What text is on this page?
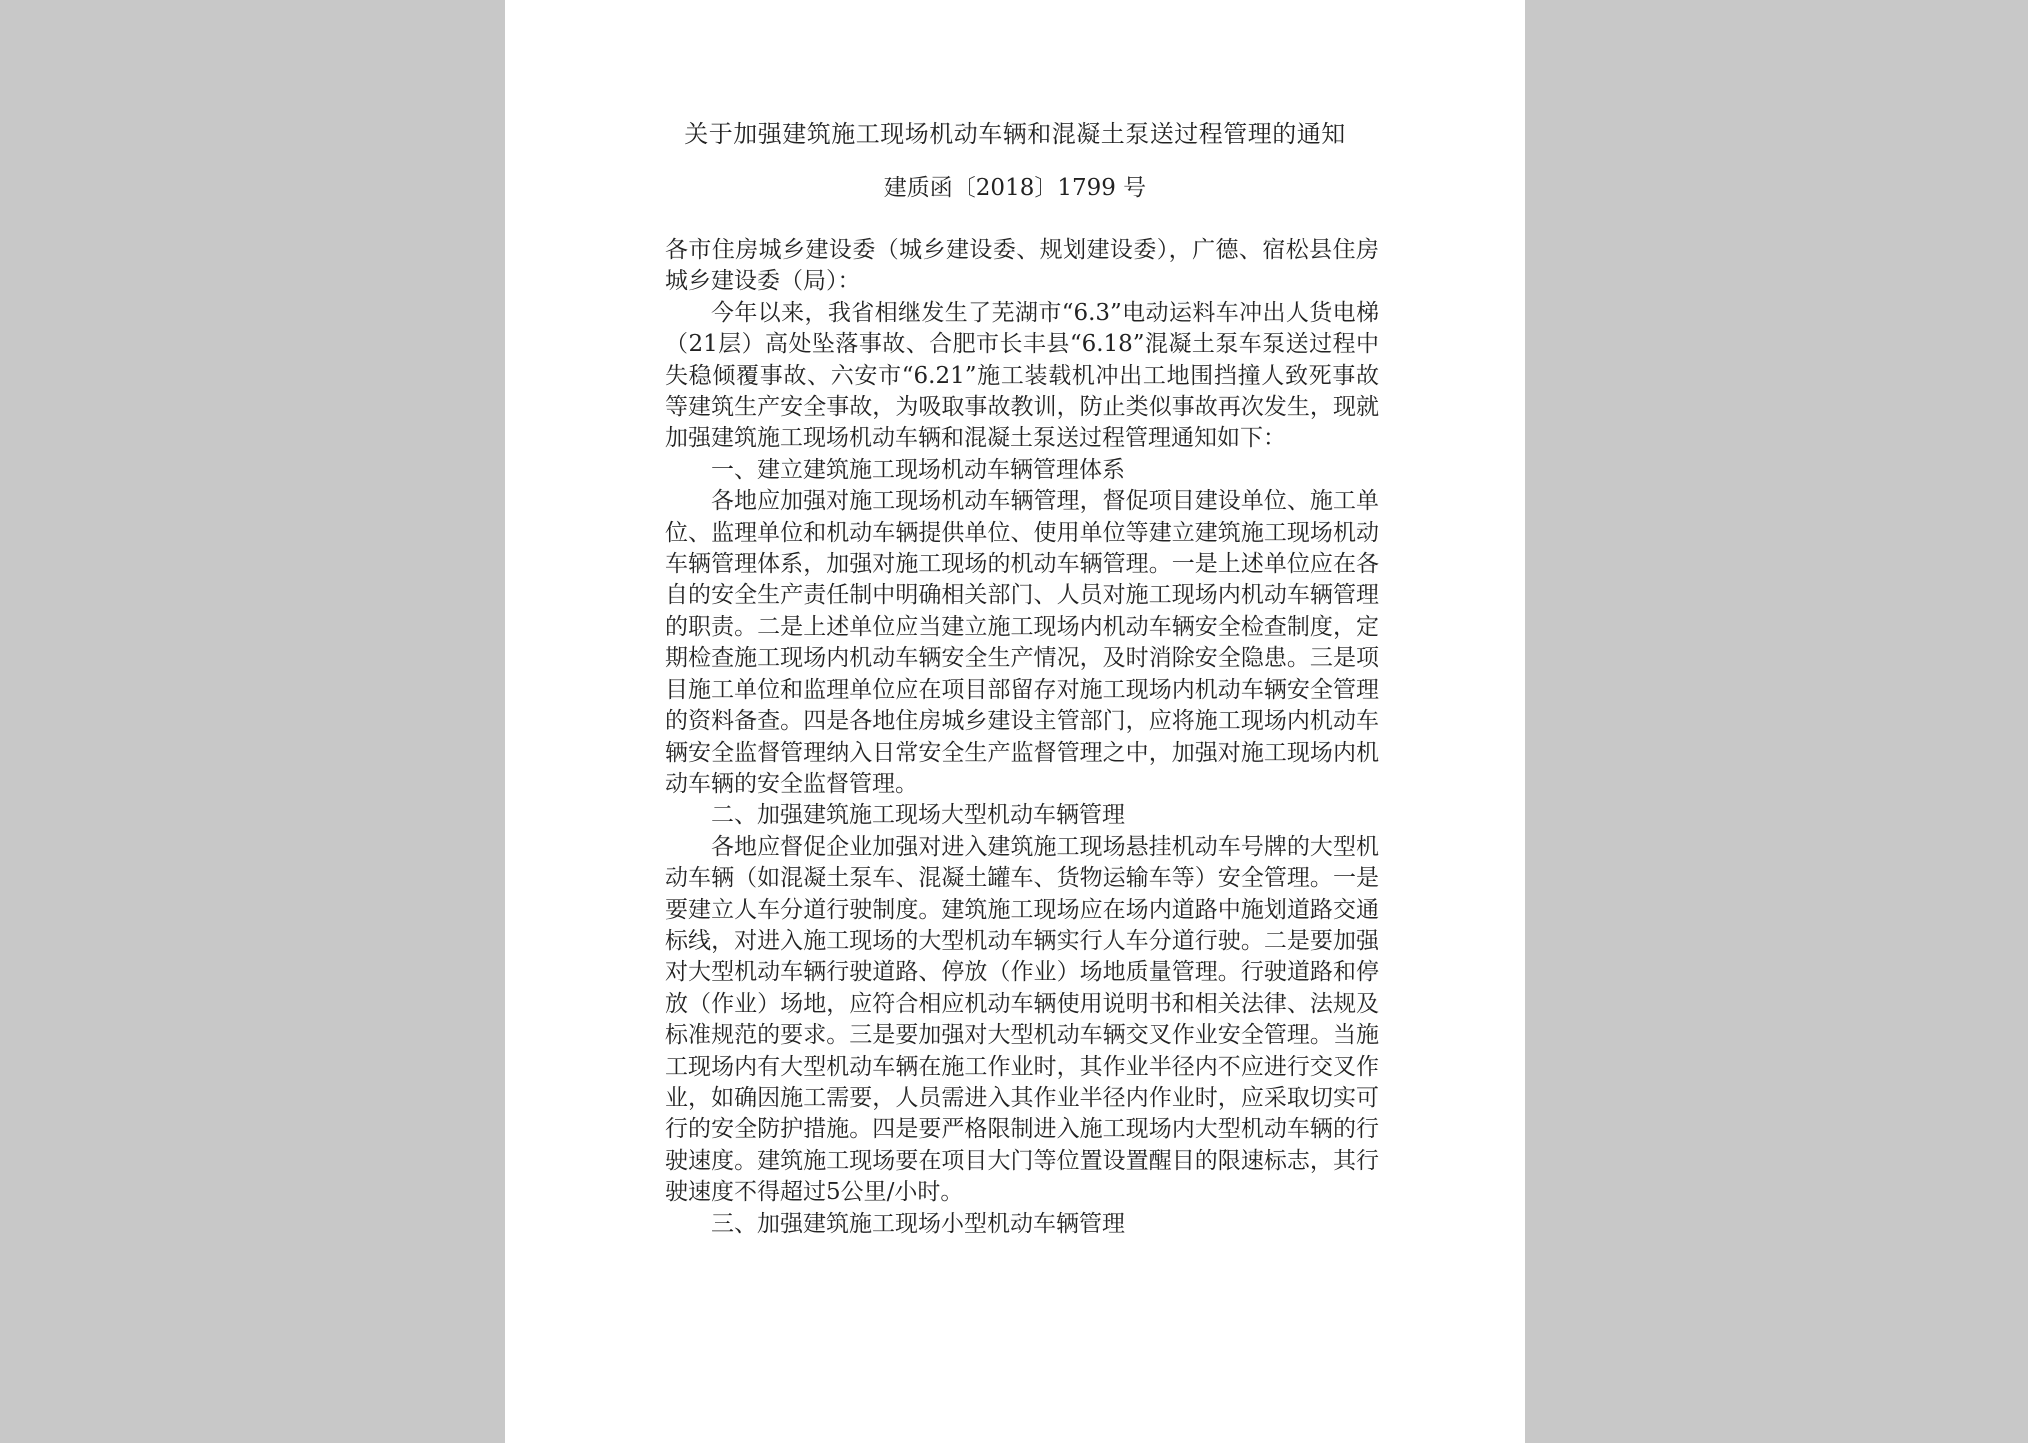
关于加强建筑施工现场机动车辆和混凝土泵送过程管理的通知
建质函〔2018〕1799 号

各市住房城乡建设委（城乡建设委、规划建设委），广德、宿松县住房城乡建设委（局）：

今年以来，我省相继发生了芜湖市“6.3”电动运料车冲出人货电梯（21层）高处坠落事故、合肥市长丰县“6.18”混凝土泵车泵送过程中失稳倾覆事故、六安市“6.21”施工装载机冲出工地围挡撞人致死事故等建筑生产安全事故，为吸取事故教训，防止类似事故再次发生，现就加强建筑施工现场机动车辆和混凝土泵送过程管理通知如下：

一、建立建筑施工现场机动车辆管理体系

各地应加强对施工现场机动车辆管理，督促项目建设单位、施工单位、监理单位和机动车辆提供单位、使用单位等建立建筑施工现场机动车辆管理体系，加强对施工现场的机动车辆管理。一是上述单位应在各自的安全生产责任制中明确相关部门、人员对施工现场内机动车辆管理的职责。二是上述单位应当建立施工现场内机动车辆安全检查制度，定期检查施工现场内机动车辆安全生产情况，及时消除安全隐患。三是项目施工单位和监理单位应在项目部留存对施工现场内机动车辆安全管理的资料备查。四是各地住房城乡建设主管部门，应将施工现场内机动车辆安全监督管理纳入日常安全生产监督管理之中，加强对施工现场内机动车辆的安全监督管理。

二、加强建筑施工现场大型机动车辆管理

各地应督促企业加强对进入建筑施工现场悬挂机动车号牌的大型机动车辆（如混凝土泵车、混凝土罐车、货物运输车等）安全管理。一是要建立人车分道行驶制度。建筑施工现场应在场内道路中施划道路交通标线，对进入施工现场的大型机动车辆实行人车分道行驶。二是要加强对大型机动车辆行驶道路、停放（作业）场地质量管理。行驶道路和停放（作业）场地，应符合相应机动车辆使用说明书和相关法律、法规及标准规范的要求。三是要加强对大型机动车辆交叉作业安全管理。当施工现场内有大型机动车辆在施工作业时，其作业半径内不应进行交叉作业，如确因施工需要，人员需进入其作业半径内作业时，应采取切实可行的安全防护措施。四是要严格限制进入施工现场内大型机动车辆的行驶速度。建筑施工现场要在项目大门等位置设置醒目的限速标志，其行驶速度不得超过5公里/小时。

三、加强建筑施工现场小型机动车辆管理
